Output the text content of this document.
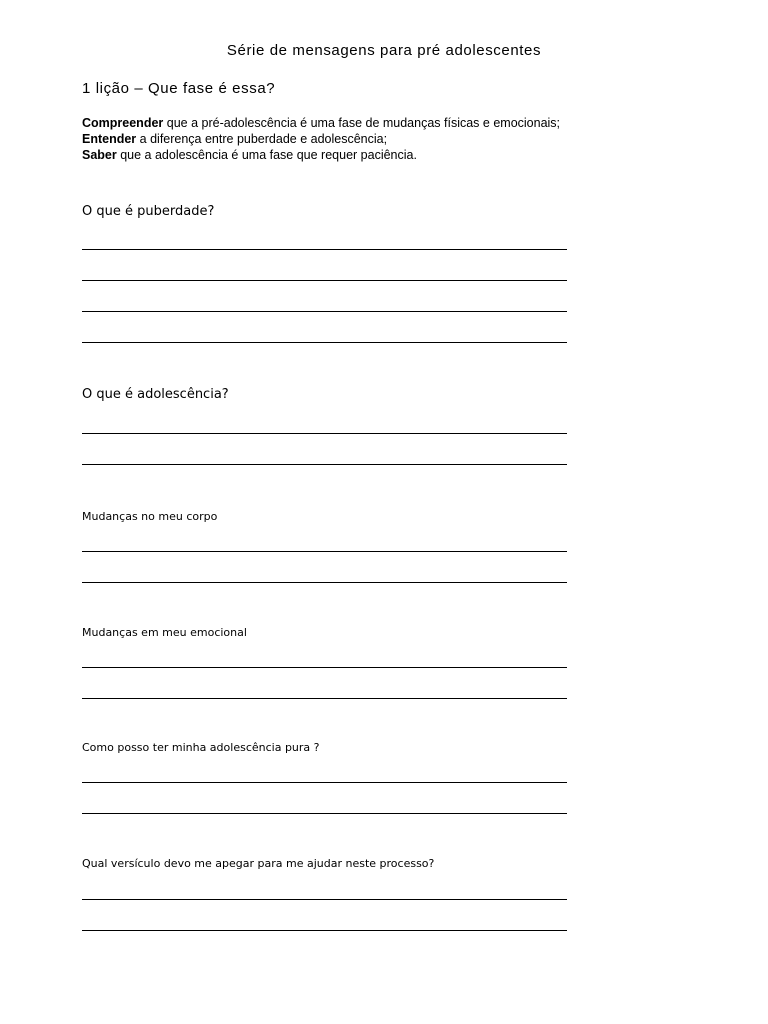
Série de mensagens para pré adolescentes
1 lição – Que fase é essa?
Compreender que a pré-adolescência é uma fase de mudanças físicas e emocionais;
Entender a diferença entre puberdade e adolescência;
Saber que a adolescência é uma fase que requer paciência.
O que é puberdade?
O que é adolescência?
Mudanças no meu corpo
Mudanças em meu emocional
Como posso ter minha adolescência pura ?
Qual versículo devo me apegar para me ajudar neste processo?
